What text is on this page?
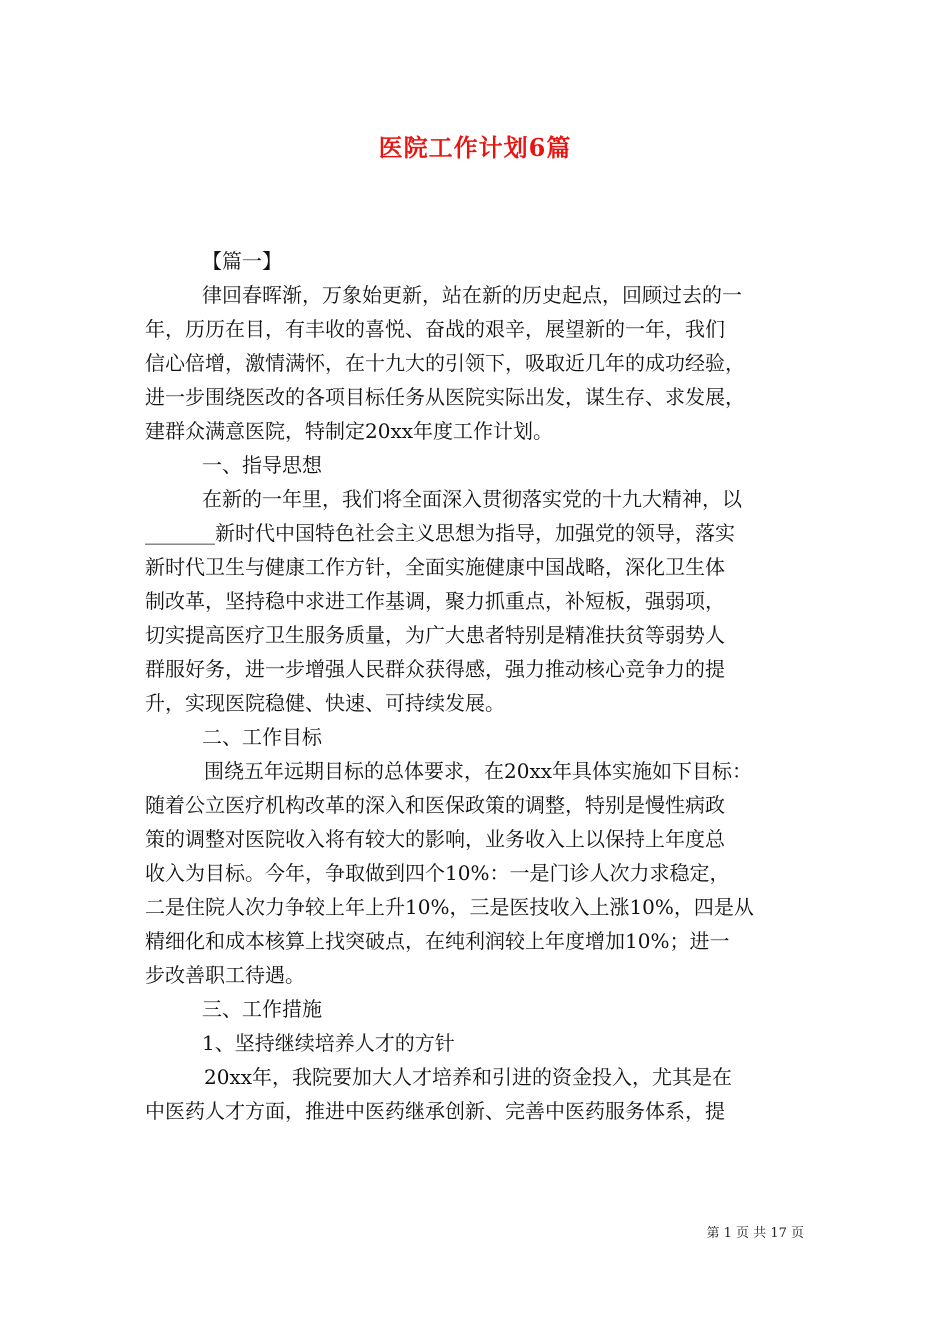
医院工作计划6篇
【篇一】
律回春晖渐，万象始更新，站在新的历史起点，回顾过去的一
年，历历在目，有丰收的喜悦、奋战的艰辛，展望新的一年，我们
信心倍增，激情满怀，在十九大的引领下，吸取近几年的成功经验，
进一步围绕医改的各项目标任务从医院实际出发，谋生存、求发展，
建群众满意医院，特制定20xx年度工作计划。
一、指导思想
在新的一年里，我们将全面深入贯彻落实党的十九大精神，以
_______新时代中国特色社会主义思想为指导，加强党的领导，落实
新时代卫生与健康工作方针，全面实施健康中国战略，深化卫生体
制改革，坚持稳中求进工作基调，聚力抓重点，补短板，强弱项，
切实提高医疗卫生服务质量，为广大患者特别是精准扶贫等弱势人
群服好务，进一步增强人民群众获得感，强力推动核心竞争力的提
升，实现医院稳健、快速、可持续发展。
二、工作目标
围绕五年远期目标的总体要求，在20xx年具体实施如下目标：
随着公立医疗机构改革的深入和医保政策的调整，特别是慢性病政
策的调整对医院收入将有较大的影响，业务收入上以保持上年度总
收入为目标。今年，争取做到四个10%：一是门诊人次力求稳定，
二是住院人次力争较上年上升10%，三是医技收入上涨10%，四是从
精细化和成本核算上找突破点，在纯利润较上年度增加10%；进一
步改善职工待遇。
三、工作措施
1、坚持继续培养人才的方针
20xx年，我院要加大人才培养和引进的资金投入，尤其是在
中医药人才方面，推进中医药继承创新、完善中医药服务体系，提
第 1 页 共 17 页
